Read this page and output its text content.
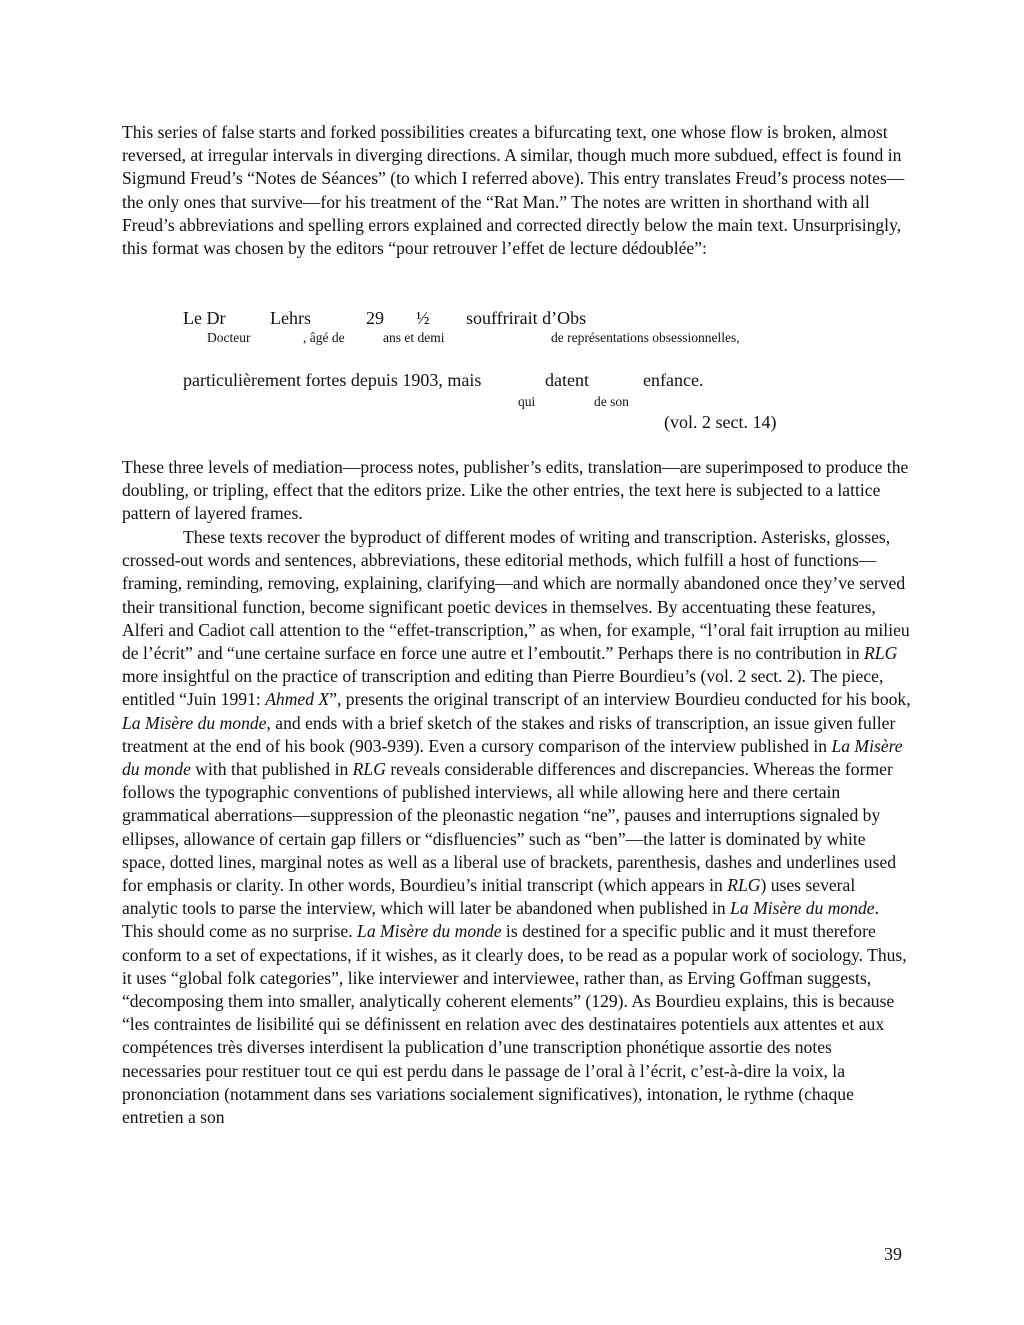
This series of false starts and forked possibilities creates a bifurcating text, one whose flow is broken, almost reversed, at irregular intervals in diverging directions. A similar, though much more subdued, effect is found in Sigmund Freud’s “Notes de Séances” (to which I referred above). This entry translates Freud’s process notes—the only ones that survive—for his treatment of the “Rat Man.” The notes are written in shorthand with all Freud’s abbreviations and spelling errors explained and corrected directly below the main text. Unsurprisingly, this format was chosen by the editors “pour retrouver l’effet de lecture dédoublée”:

Le Dr Lehrs	29 ½ souffrirait d’Obs
Docteur	, âgé de	ans et demi	de représentations obsessionnelles,
particulièrement fortes depuis 1903, mais	datent	enfance.
qui	de son
(vol. 2 sect. 14)

These three levels of mediation—process notes, publisher’s edits, translation—are superimposed to produce the doubling, or tripling, effect that the editors prize. Like the other entries, the text here is subjected to a lattice pattern of layered frames.

These texts recover the byproduct of different modes of writing and transcription. Asterisks, glosses, crossed-out words and sentences, abbreviations, these editorial methods, which fulfill a host of functions—framing, reminding, removing, explaining, clarifying—and which are normally abandoned once they’ve served their transitional function, become significant poetic devices in themselves. By accentuating these features, Alferi and Cadiot call attention to the “effet-transcription,” as when, for example, “l’oral fait irruption au milieu de l’écrit” and “une certaine surface en force une autre et l’emboutit.” Perhaps there is no contribution in RLG more insightful on the practice of transcription and editing than Pierre Bourdieu’s (vol. 2 sect. 2). The piece, entitled “Juin 1991: Ahmed X”, presents the original transcript of an interview Bourdieu conducted for his book, La Misère du monde, and ends with a brief sketch of the stakes and risks of transcription, an issue given fuller treatment at the end of his book (903-939). Even a cursory comparison of the interview published in La Misère du monde with that published in RLG reveals considerable differences and discrepancies. Whereas the former follows the typographic conventions of published interviews, all while allowing here and there certain grammatical aberrations—suppression of the pleonastic negation “ne”, pauses and interruptions signaled by ellipses, allowance of certain gap fillers or “disfluencies” such as “ben”—the latter is dominated by white space, dotted lines, marginal notes as well as a liberal use of brackets, parenthesis, dashes and underlines used for emphasis or clarity. In other words, Bourdieu’s initial transcript (which appears in RLG) uses several analytic tools to parse the interview, which will later be abandoned when published in La Misère du monde. This should come as no surprise. La Misère du monde is destined for a specific public and it must therefore conform to a set of expectations, if it wishes, as it clearly does, to be read as a popular work of sociology. Thus, it uses “global folk categories”, like interviewer and interviewee, rather than, as Erving Goffman suggests, “decomposing them into smaller, analytically coherent elements” (129). As Bourdieu explains, this is because “les contraintes de lisibilité qui se définissent en relation avec des destinataires potentiels aux attentes et aux compétences très diverses interdisent la publication d’une transcription phonétique assortie des notes necessaries pour restituer tout ce qui est perdu dans le passage de l’oral à l’écrit, c’est-à-dire la voix, la prononciation (notamment dans ses variations socialement significatives), intonation, le rythme (chaque entretien a son

39
